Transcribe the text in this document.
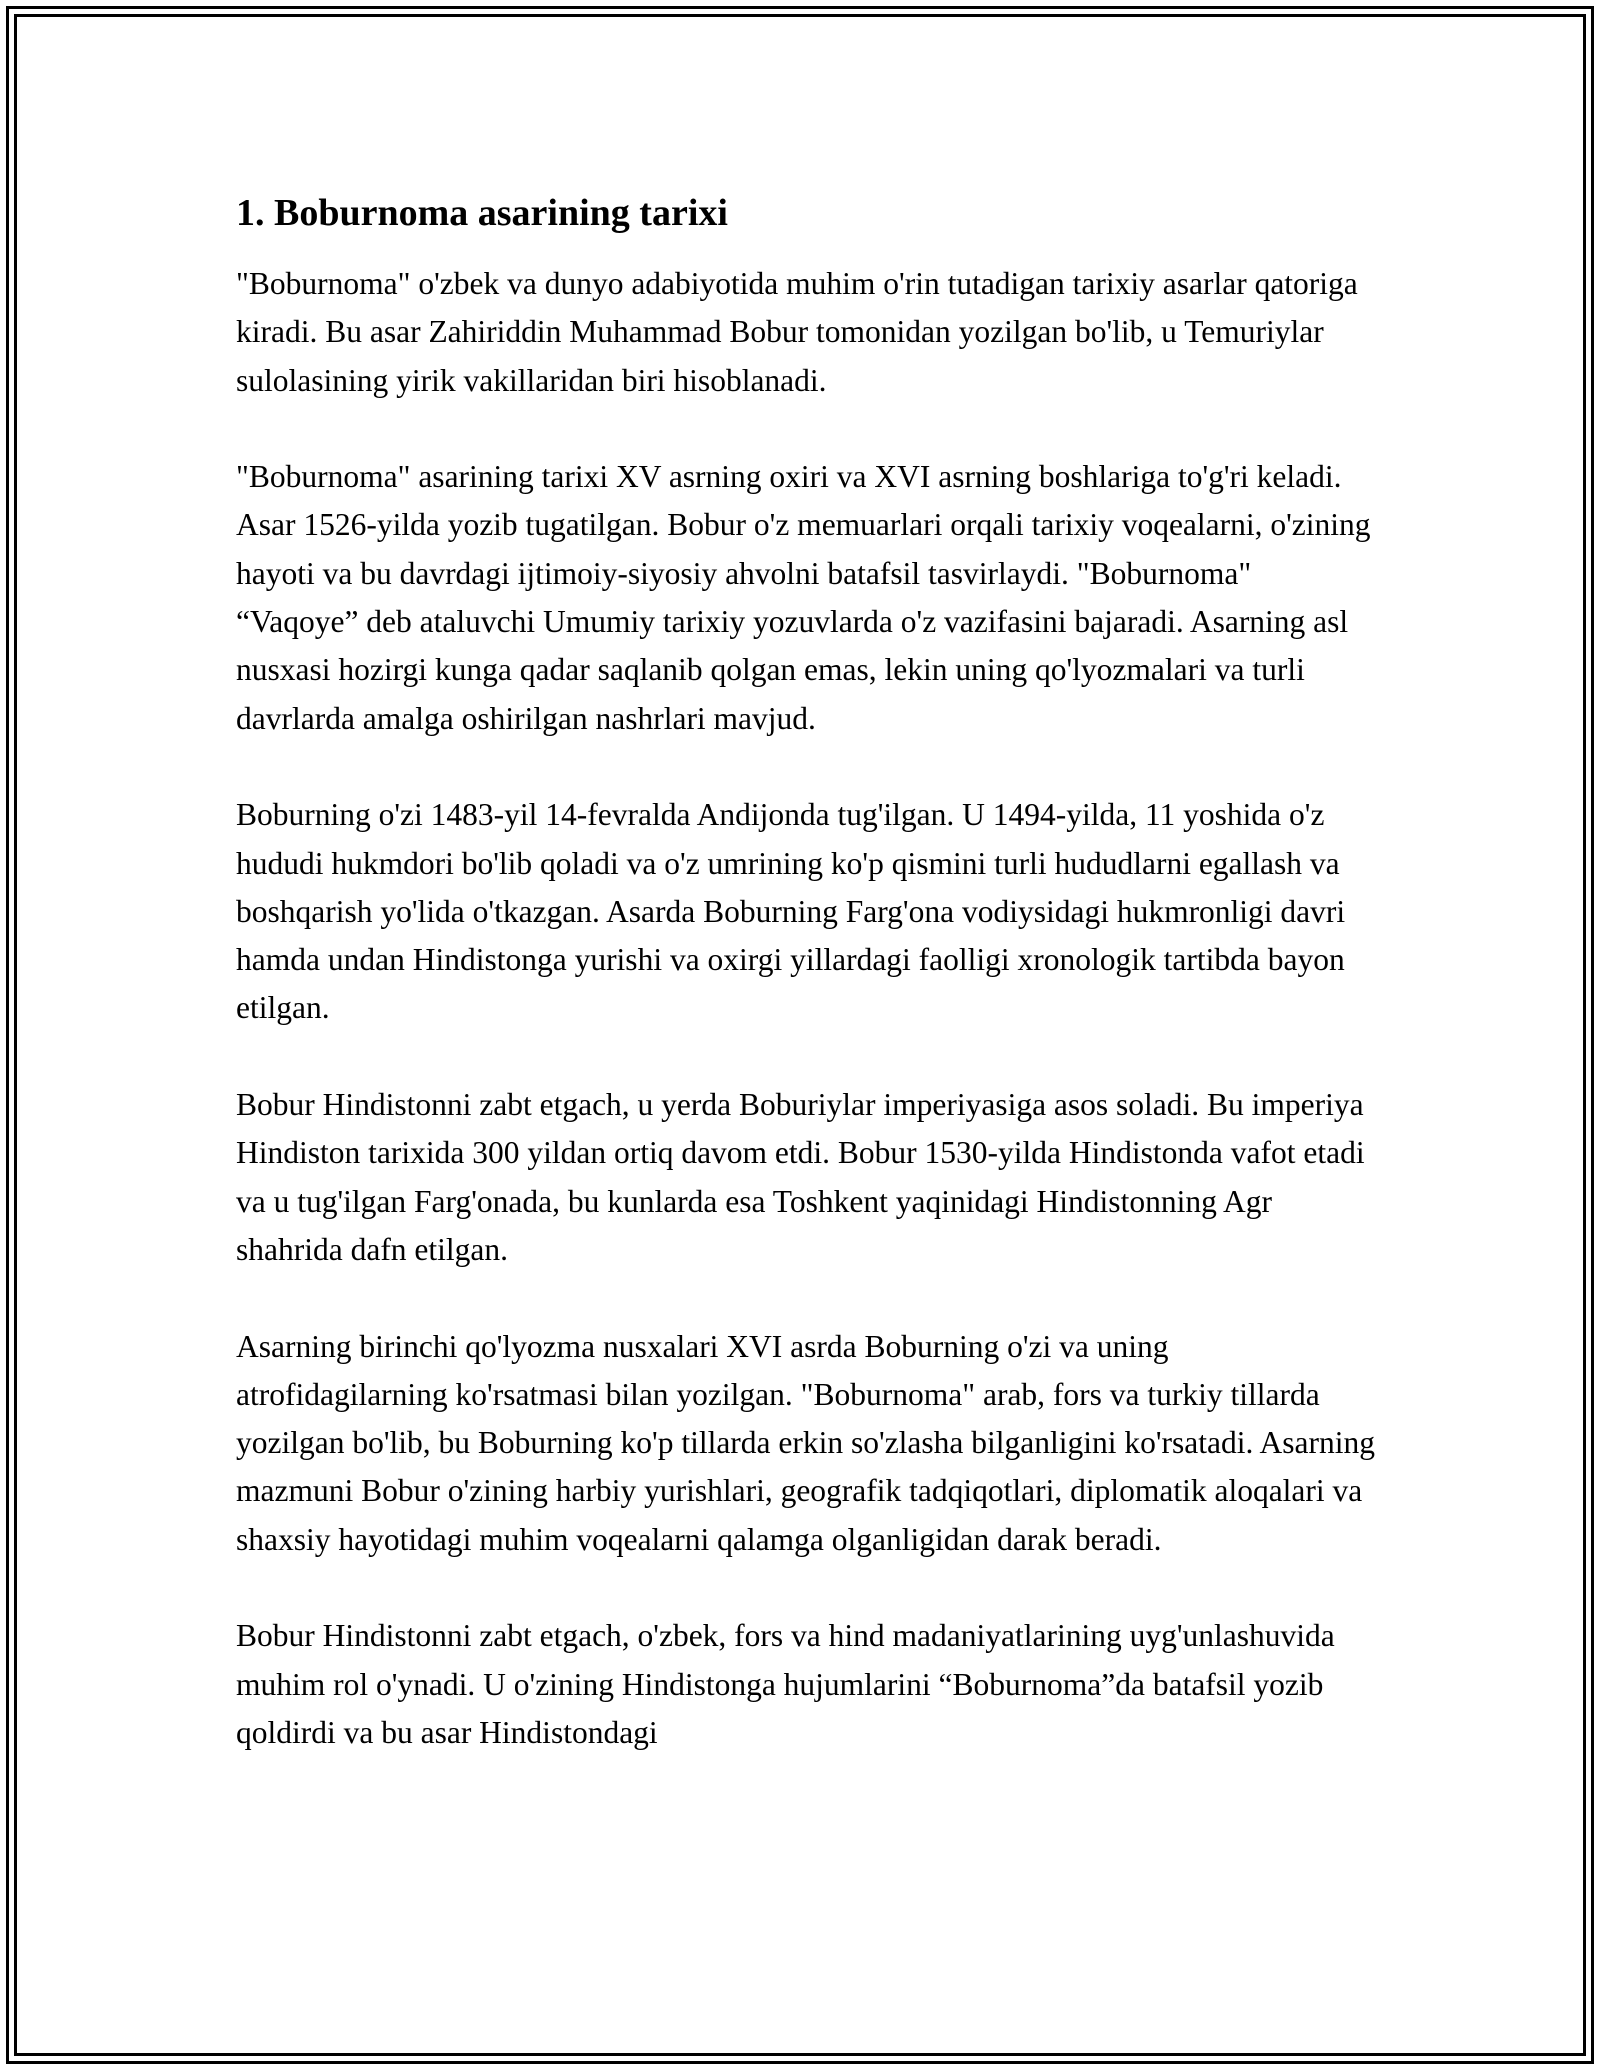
1. Boburnoma asarining tarixi

"Boburnoma" o'zbek va dunyo adabiyotida muhim o'rin tutadigan tarixiy asarlar qatoriga kiradi. Bu asar Zahiriddin Muhammad Bobur tomonidan yozilgan bo'lib, u Temuriylar sulolasining yirik vakillaridan biri hisoblanadi.

"Boburnoma" asarining tarixi XV asrning oxiri va XVI asrning boshlariga to'g'ri keladi. Asar 1526-yilda yozib tugatilgan. Bobur o'z memuarlari orqali tarixiy voqealarni, o'zining hayoti va bu davrdagi ijtimoiy-siyosiy ahvolni batafsil tasvirlaydi. "Boburnoma" “Vaqoye” deb ataluvchi Umumiy tarixiy yozuvlarda o'z vazifasini bajaradi. Asarning asl nusxasi hozirgi kunga qadar saqlanib qolgan emas, lekin uning qo'lyozmalari va turli davrlarda amalga oshirilgan nashrlari mavjud.

Boburning o'zi 1483-yil 14-fevralda Andijonda tug'ilgan. U 1494-yilda, 11 yoshida o'z hududi hukmdori bo'lib qoladi va o'z umrining ko'p qismini turli hududlarni egallash va boshqarish yo'lida o'tkazgan. Asarda Boburning Farg'ona vodiysidagi hukmronligi davri hamda undan Hindistonga yurishi va oxirgi yillardagi faolligi xronologik tartibda bayon etilgan.

Bobur Hindistonni zabt etgach, u yerda Boburiylar imperiyasiga asos soladi. Bu imperiya Hindiston tarixida 300 yildan ortiq davom etdi. Bobur 1530-yilda Hindistonda vafot etadi va u tug'ilgan Farg'onada, bu kunlarda esa Toshkent yaqinidagi Hindistonning Agr shahrida dafn etilgan.

Asarning birinchi qo'lyozma nusxalari XVI asrda Boburning o'zi va uning atrofidagilarning ko'rsatmasi bilan yozilgan. "Boburnoma" arab, fors va turkiy tillarda yozilgan bo'lib, bu Boburning ko'p tillarda erkin so'zlasha bilganligini ko'rsatadi. Asarning mazmuni Bobur o'zining harbiy yurishlari, geografik tadqiqotlari, diplomatik aloqalari va shaxsiy hayotidagi muhim voqealarni qalamga olganligidan darak beradi.

Bobur Hindistonni zabt etgach, o'zbek, fors va hind madaniyatlarining uyg'unlashuvida muhim rol o'ynadi. U o'zining Hindistonga hujumlarini “Boburnoma”da batafsil yozib qoldirdi va bu asar Hindistondagi
